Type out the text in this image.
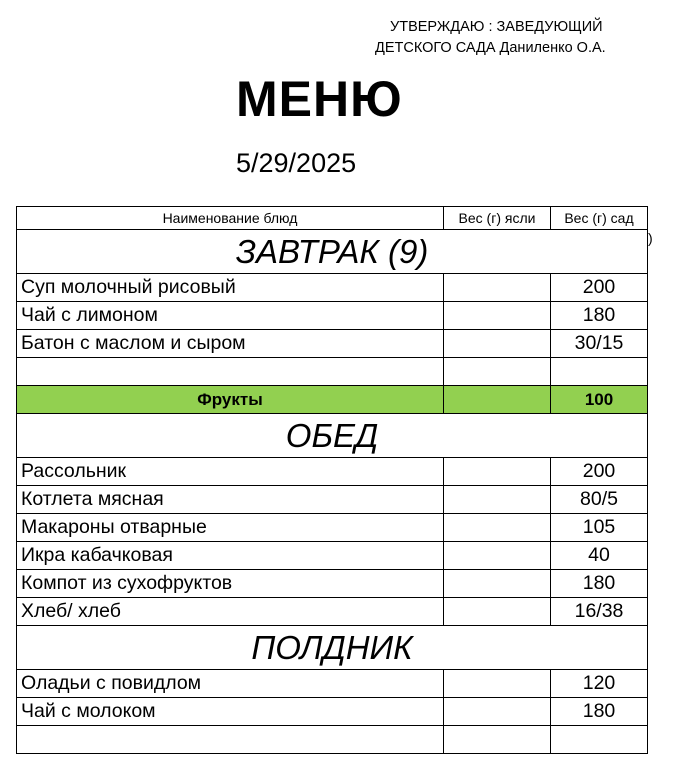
УТВЕРЖДАЮ : ЗАВЕДУЮЩИЙ
ДЕТСКОГО САДА Даниленко О.А.
МЕНЮ
5/29/2025
)
Наименование блюд	Вес (г) ясли	Вес (г) сад
ЗАВТРАК (9)		
Суп молочный рисовый		200
Чай с лимоном		180
Батон с маслом и сыром		30/15

Фрукты		100
ОБЕД		
Рассольник		200
Котлета мясная		80/5
Макароны отварные		105
Икра кабачковая		40
Компот из сухофруктов		180
Хлеб/ хлеб		16/38
ПОЛДНИК		
Оладьи с повидлом		120
Чай с молоком		180
